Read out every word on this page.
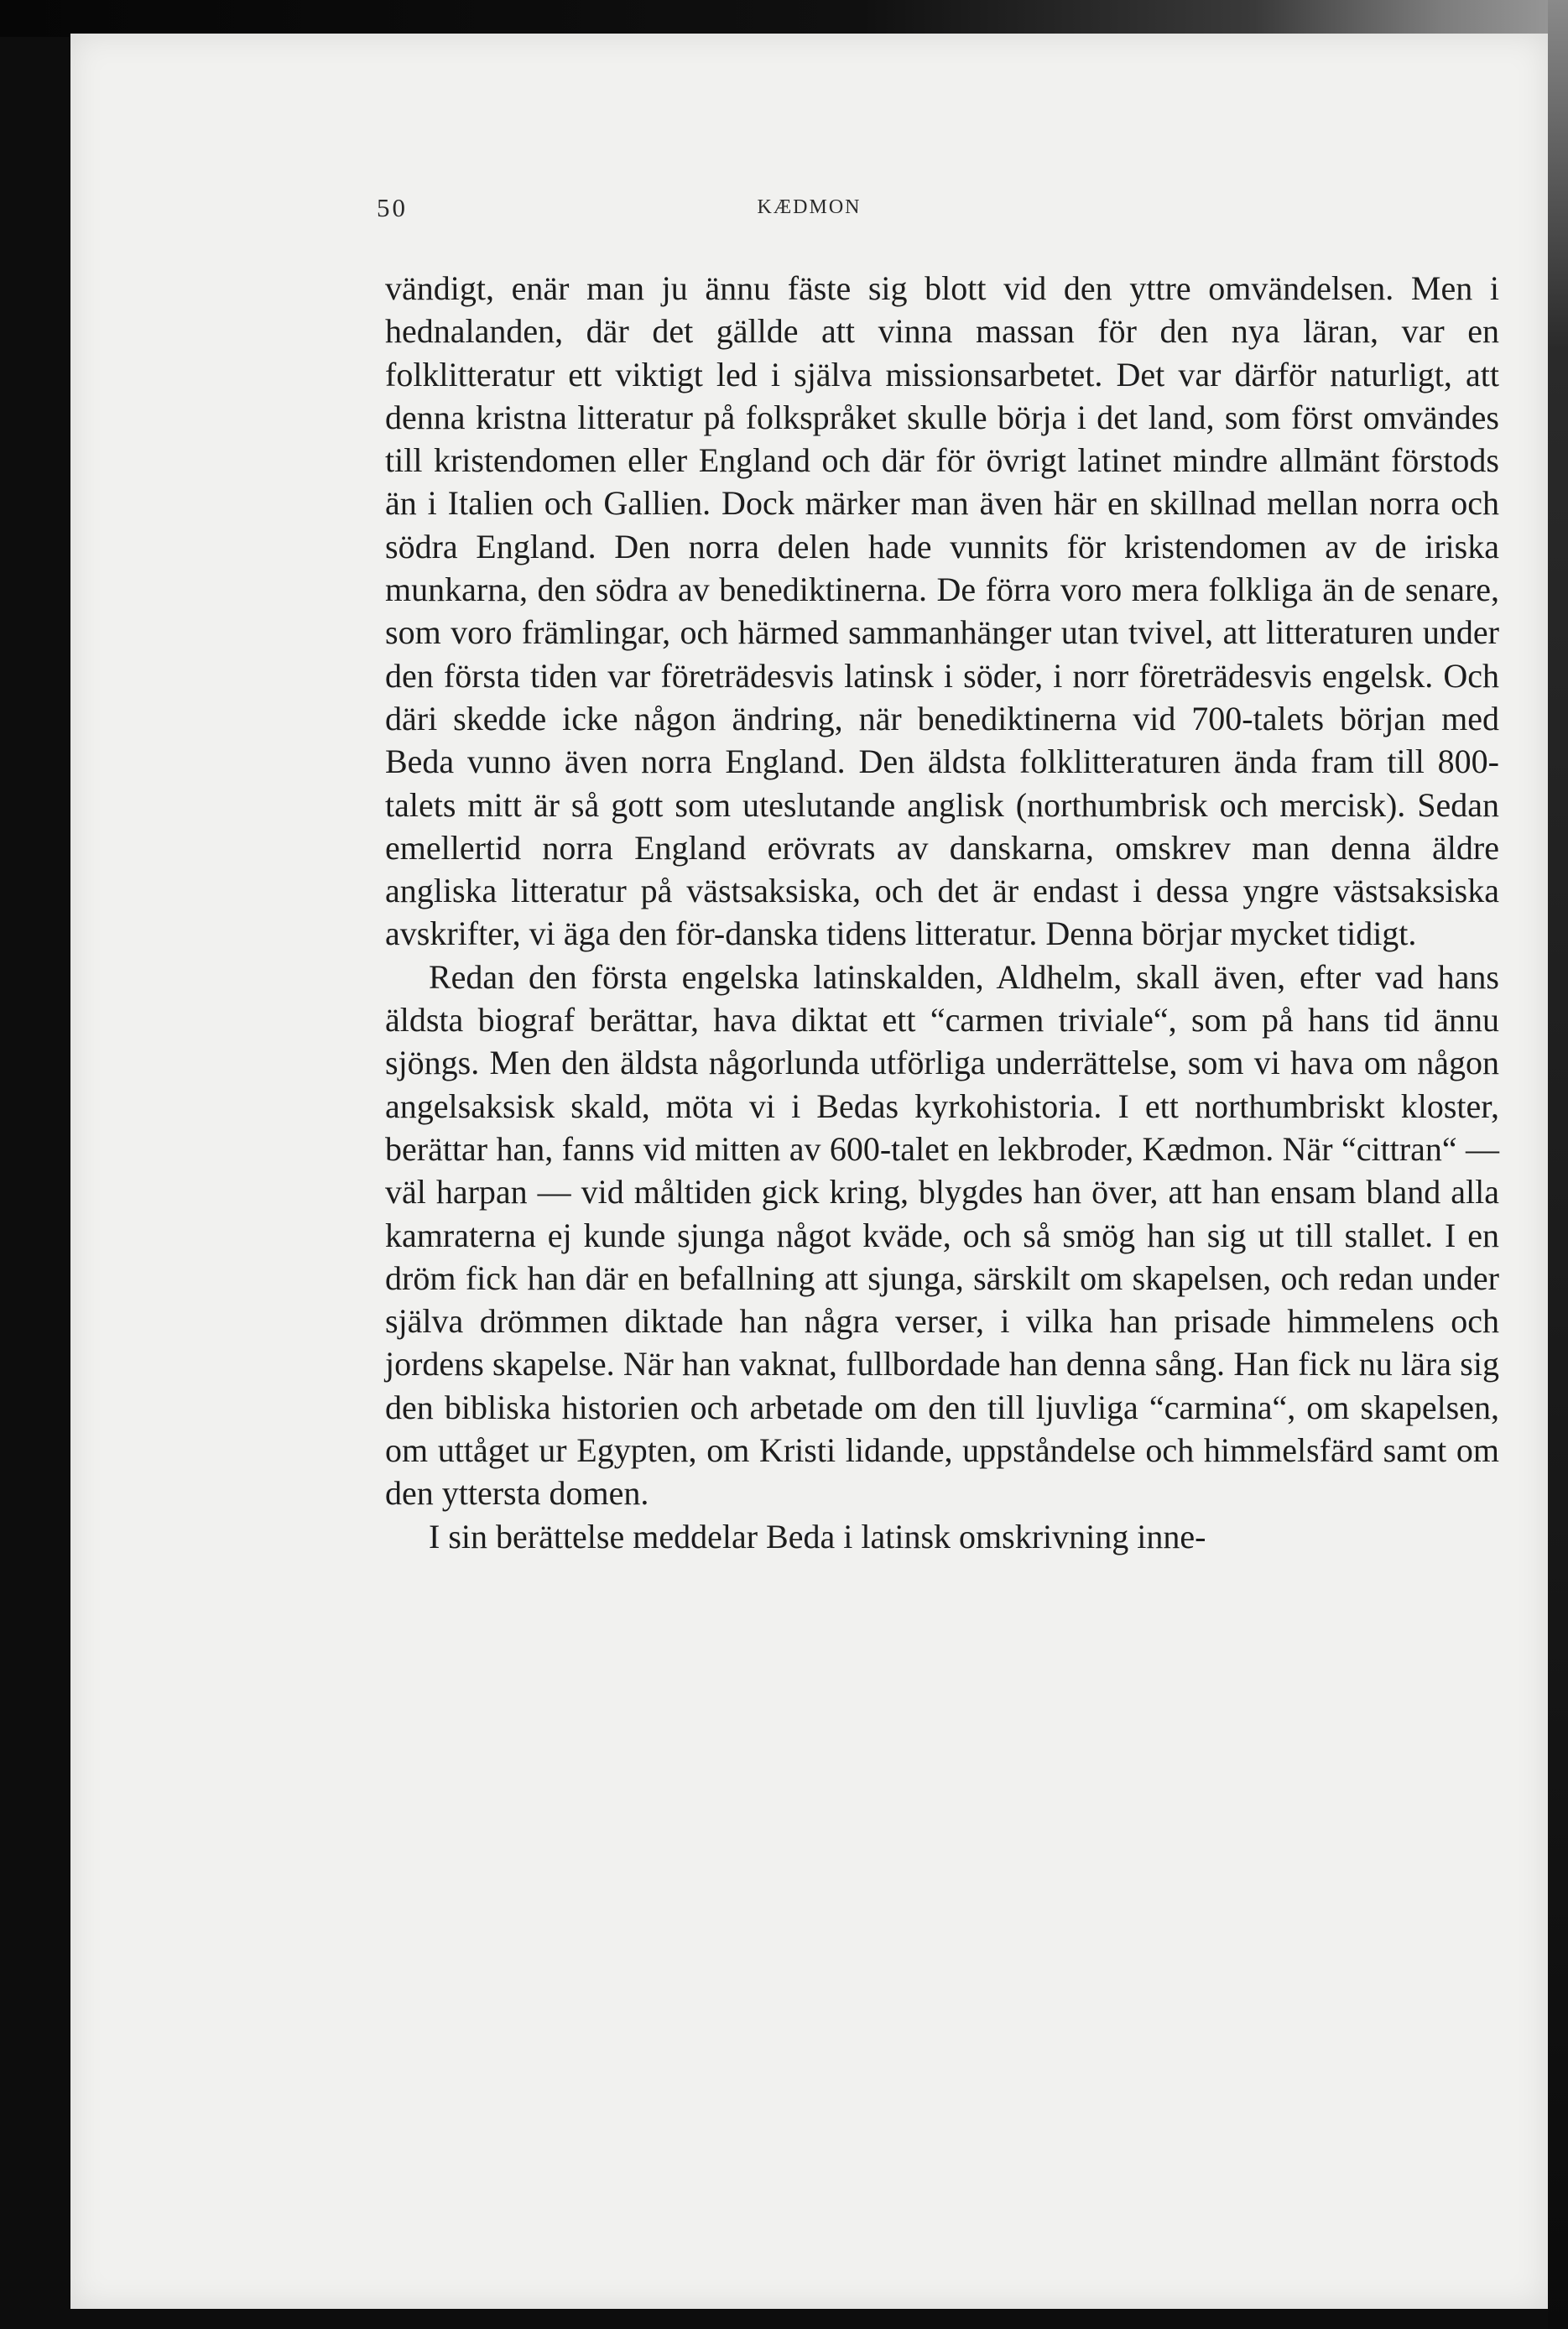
50	KÆDMON

vändigt, enär man ju ännu fäste sig blott vid den yttre omvändelsen. Men i hednalanden, där det gällde att vinna massan för den nya läran, var en folklitteratur ett viktigt led i själva missionsarbetet. Det var därför naturligt, att denna kristna litteratur på folkspråket skulle börja i det land, som först omvändes till kristendomen eller England och där för övrigt latinet mindre allmänt förstods än i Italien och Gallien. Dock märker man även här en skillnad mellan norra och södra England. Den norra delen hade vunnits för kristendomen av de iriska munkarna, den södra av benediktinerna. De förra voro mera folkliga än de senare, som voro främlingar, och härmed sammanhänger utan tvivel, att litteraturen under den första tiden var företrädesvis latinsk i söder, i norr företrädesvis engelsk. Och däri skedde icke någon ändring, när benediktinerna vid 700-talets början med Beda vunno även norra England. Den äldsta folklitteraturen ända fram till 800-talets mitt är så gott som uteslutande anglisk (northumbrisk och mercisk). Sedan emellertid norra England erövrats av danskarna, omskrev man denna äldre angliska litteratur på västsaksiska, och det är endast i dessa yngre västsaksiska avskrifter, vi äga den för-danska tidens litteratur. Denna börjar mycket tidigt.

Redan den första engelska latinskalden, Aldhelm, skall även, efter vad hans äldsta biograf berättar, hava diktat ett “carmen triviale“, som på hans tid ännu sjöngs. Men den äldsta någorlunda utförliga underrättelse, som vi hava om någon angelsaksisk skald, möta vi i Bedas kyrkohistoria. I ett northumbriskt kloster, berättar han, fanns vid mitten av 600-talet en lekbroder, Kædmon. När “cittran“ — väl harpan — vid måltiden gick kring, blygdes han över, att han ensam bland alla kamraterna ej kunde sjunga något kväde, och så smög han sig ut till stallet. I en dröm fick han där en befallning att sjunga, särskilt om skapelsen, och redan under själva drömmen diktade han några verser, i vilka han prisade himmelens och jordens skapelse. När han vaknat, fullbordade han denna sång. Han fick nu lära sig den bibliska historien och arbetade om den till ljuvliga “carmina“, om skapelsen, om uttåget ur Egypten, om Kristi lidande, uppståndelse och himmelsfärd samt om den yttersta domen.

I sin berättelse meddelar Beda i latinsk omskrivning inne-
